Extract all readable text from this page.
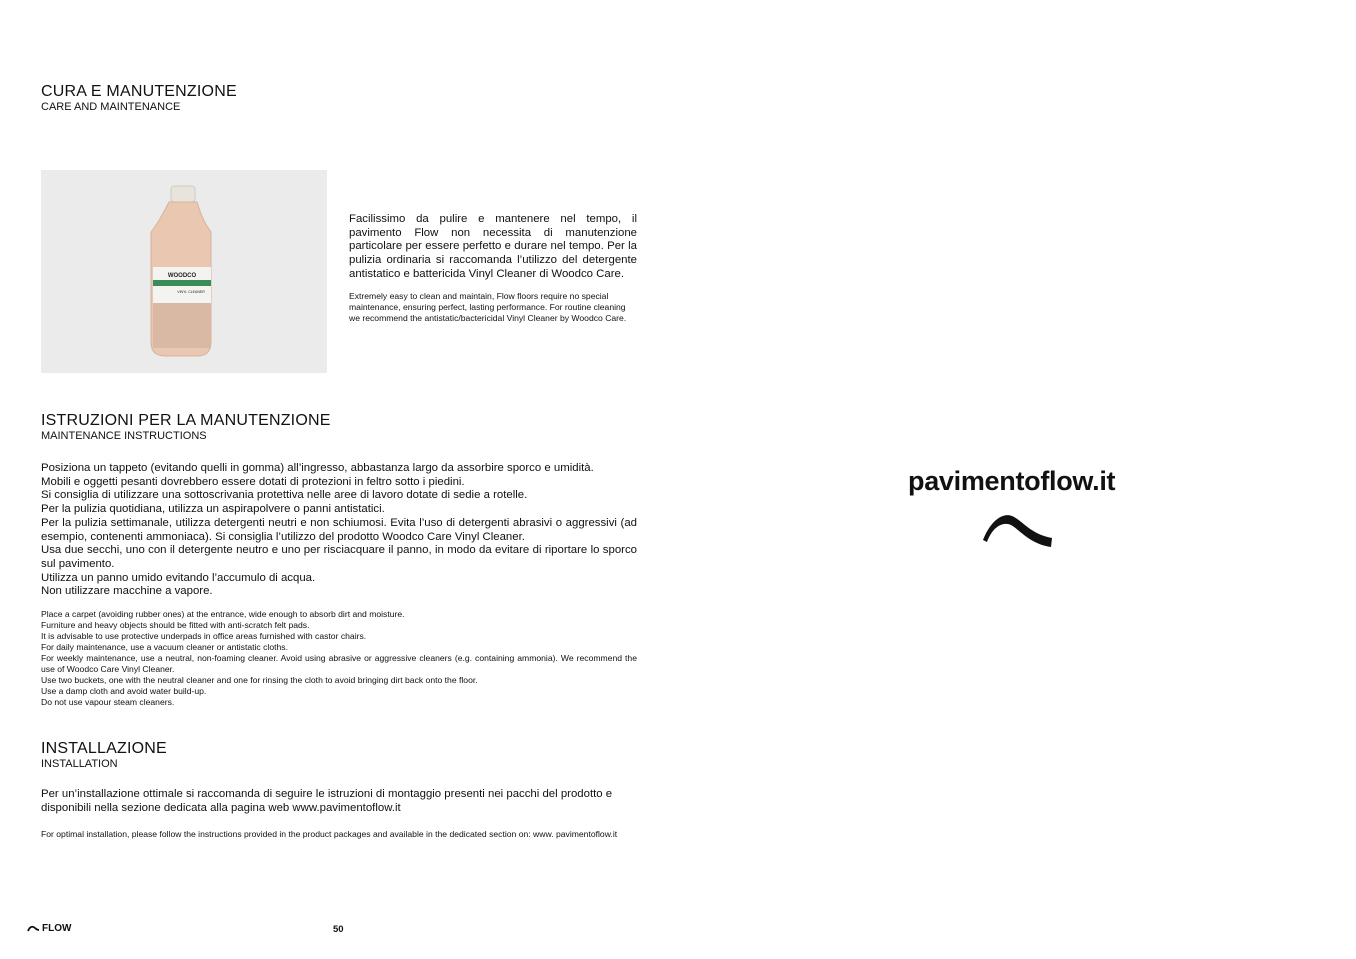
CURA E MANUTENZIONE
CARE AND MAINTENANCE
WOODCO
VINYL CLEANER
Facilissimo da pulire e mantenere nel tempo, il pavimento Flow non necessita di manutenzione particolare per essere perfetto e durare nel tempo. Per la pulizia ordinaria si raccomanda l’utilizzo del detergente antistatico e battericida Vinyl Cleaner di Woodco Care.
Extremely easy to clean and maintain, Flow floors require no special maintenance, ensuring perfect, lasting performance. For routine cleaning we recommend the antistatic/bactericidal Vinyl Cleaner by Woodco Care.
ISTRUZIONI PER LA MANUTENZIONE
MAINTENANCE INSTRUCTIONS
Posiziona un tappeto (evitando quelli in gomma) all’ingresso, abbastanza largo da assorbire sporco e umidità.
Mobili e oggetti pesanti dovrebbero essere dotati di protezioni in feltro sotto i piedini.
Si consiglia di utilizzare una sottoscrivania protettiva nelle aree di lavoro dotate di sedie a rotelle.
Per la pulizia quotidiana, utilizza un aspirapolvere o panni antistatici.
Per la pulizia settimanale, utilizza detergenti neutri e non schiumosi. Evita l’uso di detergenti abrasivi o aggressivi (ad esempio, contenenti ammoniaca). Si consiglia l’utilizzo del prodotto Woodco Care Vinyl Cleaner.
Usa due secchi, uno con il detergente neutro e uno per risciacquare il panno, in modo da evitare di riportare lo sporco sul pavimento.
Utilizza un panno umido evitando l’accumulo di acqua.
Non utilizzare macchine a vapore.
Place a carpet (avoiding rubber ones) at the entrance, wide enough to absorb dirt and moisture.
Furniture and heavy objects should be fitted with anti-scratch felt pads.
It is advisable to use protective underpads in office areas furnished with castor chairs.
For daily maintenance, use a vacuum cleaner or antistatic cloths.
For weekly maintenance, use a neutral, non-foaming cleaner. Avoid using abrasive or aggressive cleaners (e.g. containing ammonia). We recommend the use of Woodco Care Vinyl Cleaner.
Use two buckets, one with the neutral cleaner and one for rinsing the cloth to avoid bringing dirt back onto the floor.
Use a damp cloth and avoid water build-up.
Do not use vapour steam cleaners.
INSTALLAZIONE
INSTALLATION
Per un’installazione ottimale si raccomanda di seguire le istruzioni di montaggio presenti nei pacchi del prodotto e disponibili nella sezione dedicata alla pagina web www.pavimentoflow.it
For optimal installation, please follow the instructions provided in the product packages and available in the dedicated section on: www. pavimentoflow.it
pavimentoflow.it
FLOW	50
